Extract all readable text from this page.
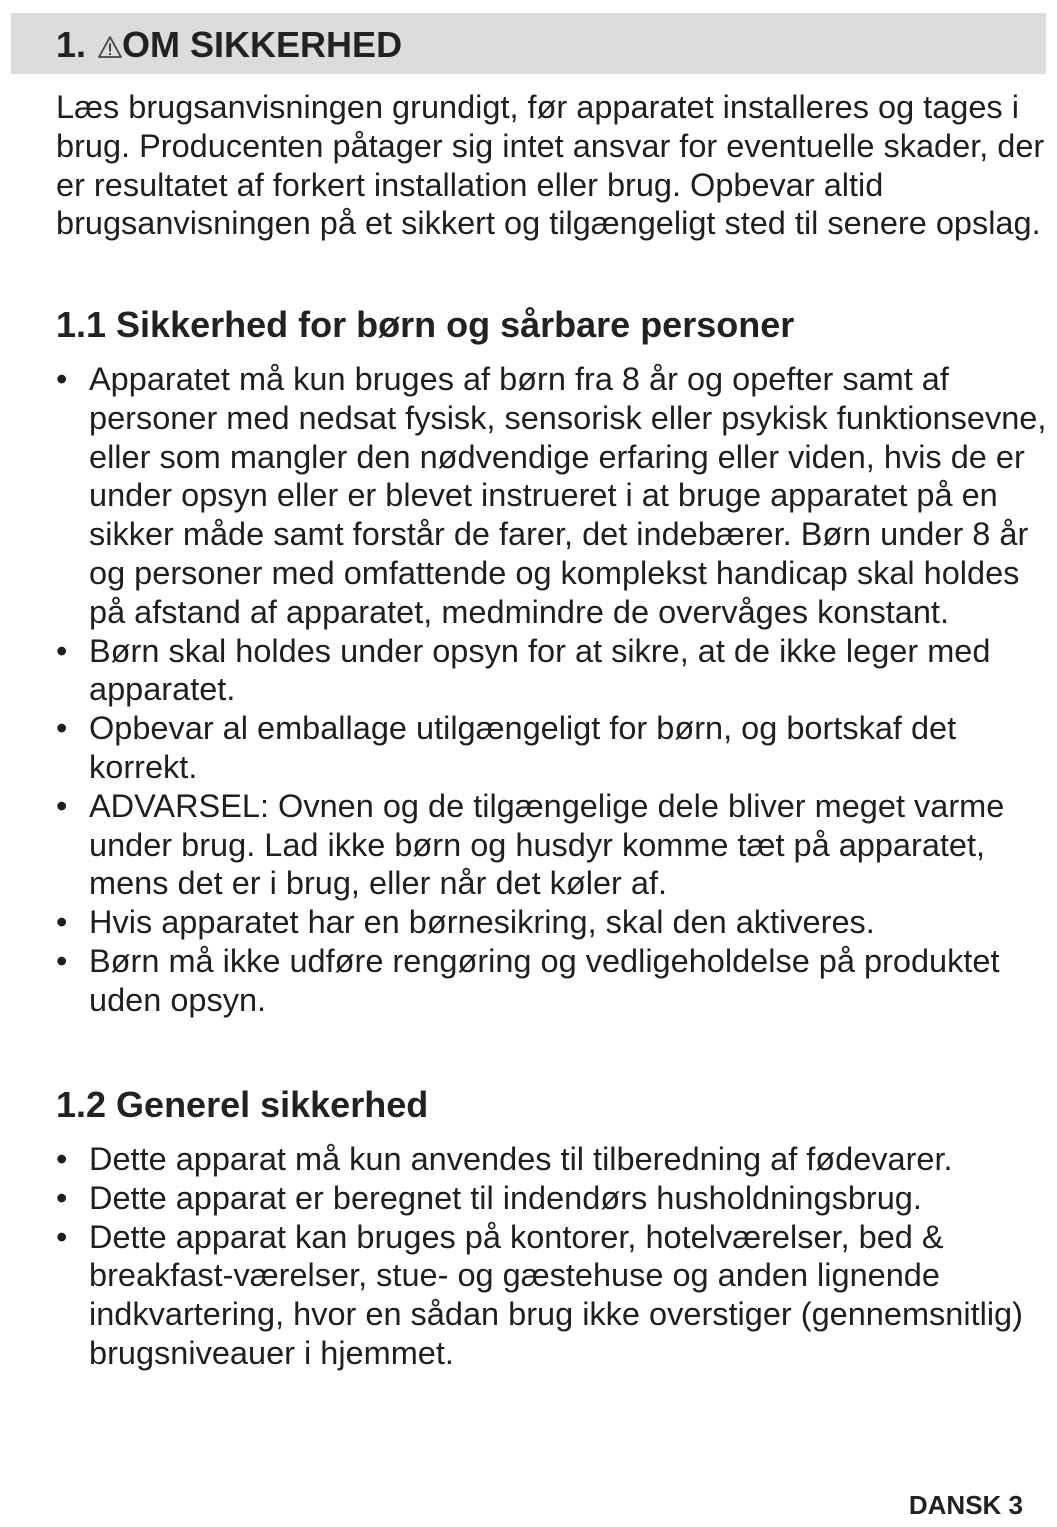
1. OM SIKKERHED

Læs brugsanvisningen grundigt, før apparatet installeres og tages i brug. Producenten påtager sig intet ansvar for eventuelle skader, der er resultatet af forkert installation eller brug. Opbevar altid brugsanvisningen på et sikkert og tilgængeligt sted til senere opslag.

1.1 Sikkerhed for børn og sårbare personer
• Apparatet må kun bruges af børn fra 8 år og opefter samt af personer med nedsat fysisk, sensorisk eller psykisk funktionsevne, eller som mangler den nødvendige erfaring eller viden, hvis de er under opsyn eller er blevet instrueret i at bruge apparatet på en sikker måde samt forstår de farer, det indebærer. Børn under 8 år og personer med omfattende og komplekst handicap skal holdes på afstand af apparatet, medmindre de overvåges konstant.
• Børn skal holdes under opsyn for at sikre, at de ikke leger med apparatet.
• Opbevar al emballage utilgængeligt for børn, og bortskaf det korrekt.
• ADVARSEL: Ovnen og de tilgængelige dele bliver meget varme under brug. Lad ikke børn og husdyr komme tæt på apparatet, mens det er i brug, eller når det køler af.
• Hvis apparatet har en børnesikring, skal den aktiveres.
• Børn må ikke udføre rengøring og vedligeholdelse på produktet uden opsyn.
1.2 Generel sikkerhed
• Dette apparat må kun anvendes til tilberedning af fødevarer.
• Dette apparat er beregnet til indendørs husholdningsbrug.
• Dette apparat kan bruges på kontorer, hotelværelser, bed & breakfast-værelser, stue- og gæstehuse og anden lignende indkvartering, hvor en sådan brug ikke overstiger (gennemsnitlig) brugsniveauer i hjemmet.
DANSK 3
